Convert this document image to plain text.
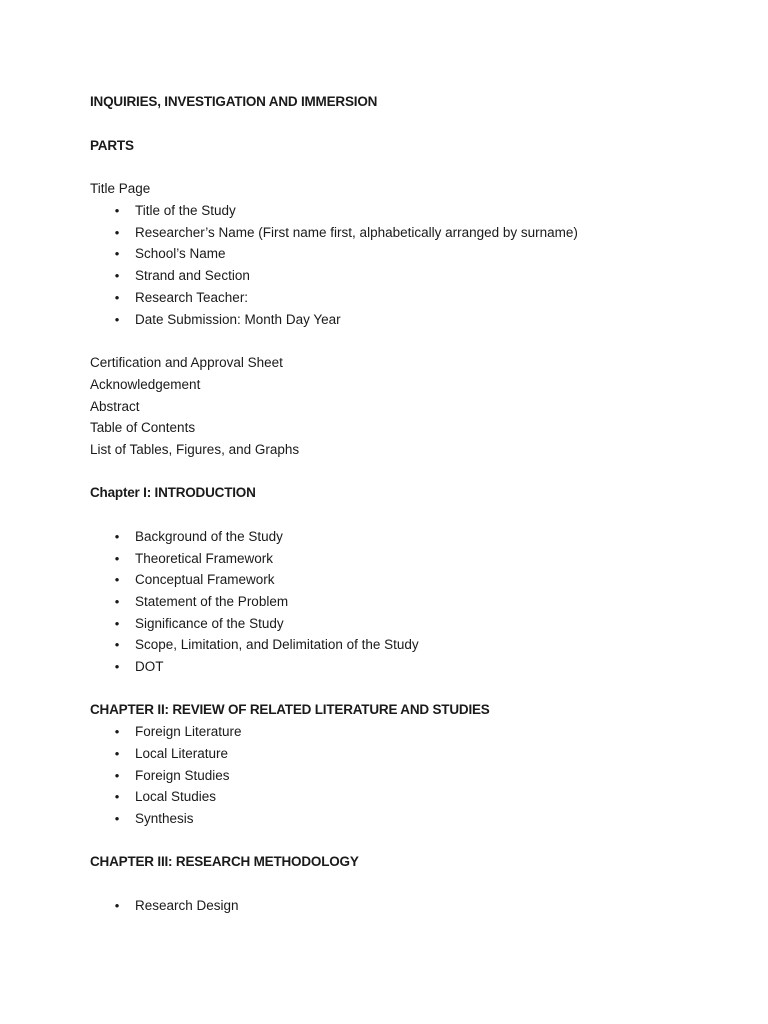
INQUIRIES, INVESTIGATION AND IMMERSION
PARTS
Title Page
• Title of the Study
• Researcher’s Name (First name first, alphabetically arranged by surname)
• School’s Name
• Strand and Section
• Research Teacher:
• Date Submission: Month Day Year
Certification and Approval Sheet
Acknowledgement
Abstract
Table of Contents
List of Tables, Figures, and Graphs
Chapter I: INTRODUCTION
• Background of the Study
• Theoretical Framework
• Conceptual Framework
• Statement of the Problem
• Significance of the Study
• Scope, Limitation, and Delimitation of the Study
• DOT
CHAPTER II: REVIEW OF RELATED LITERATURE AND STUDIES
• Foreign Literature
• Local Literature
• Foreign Studies
• Local Studies
• Synthesis
CHAPTER III: RESEARCH METHODOLOGY
• Research Design
